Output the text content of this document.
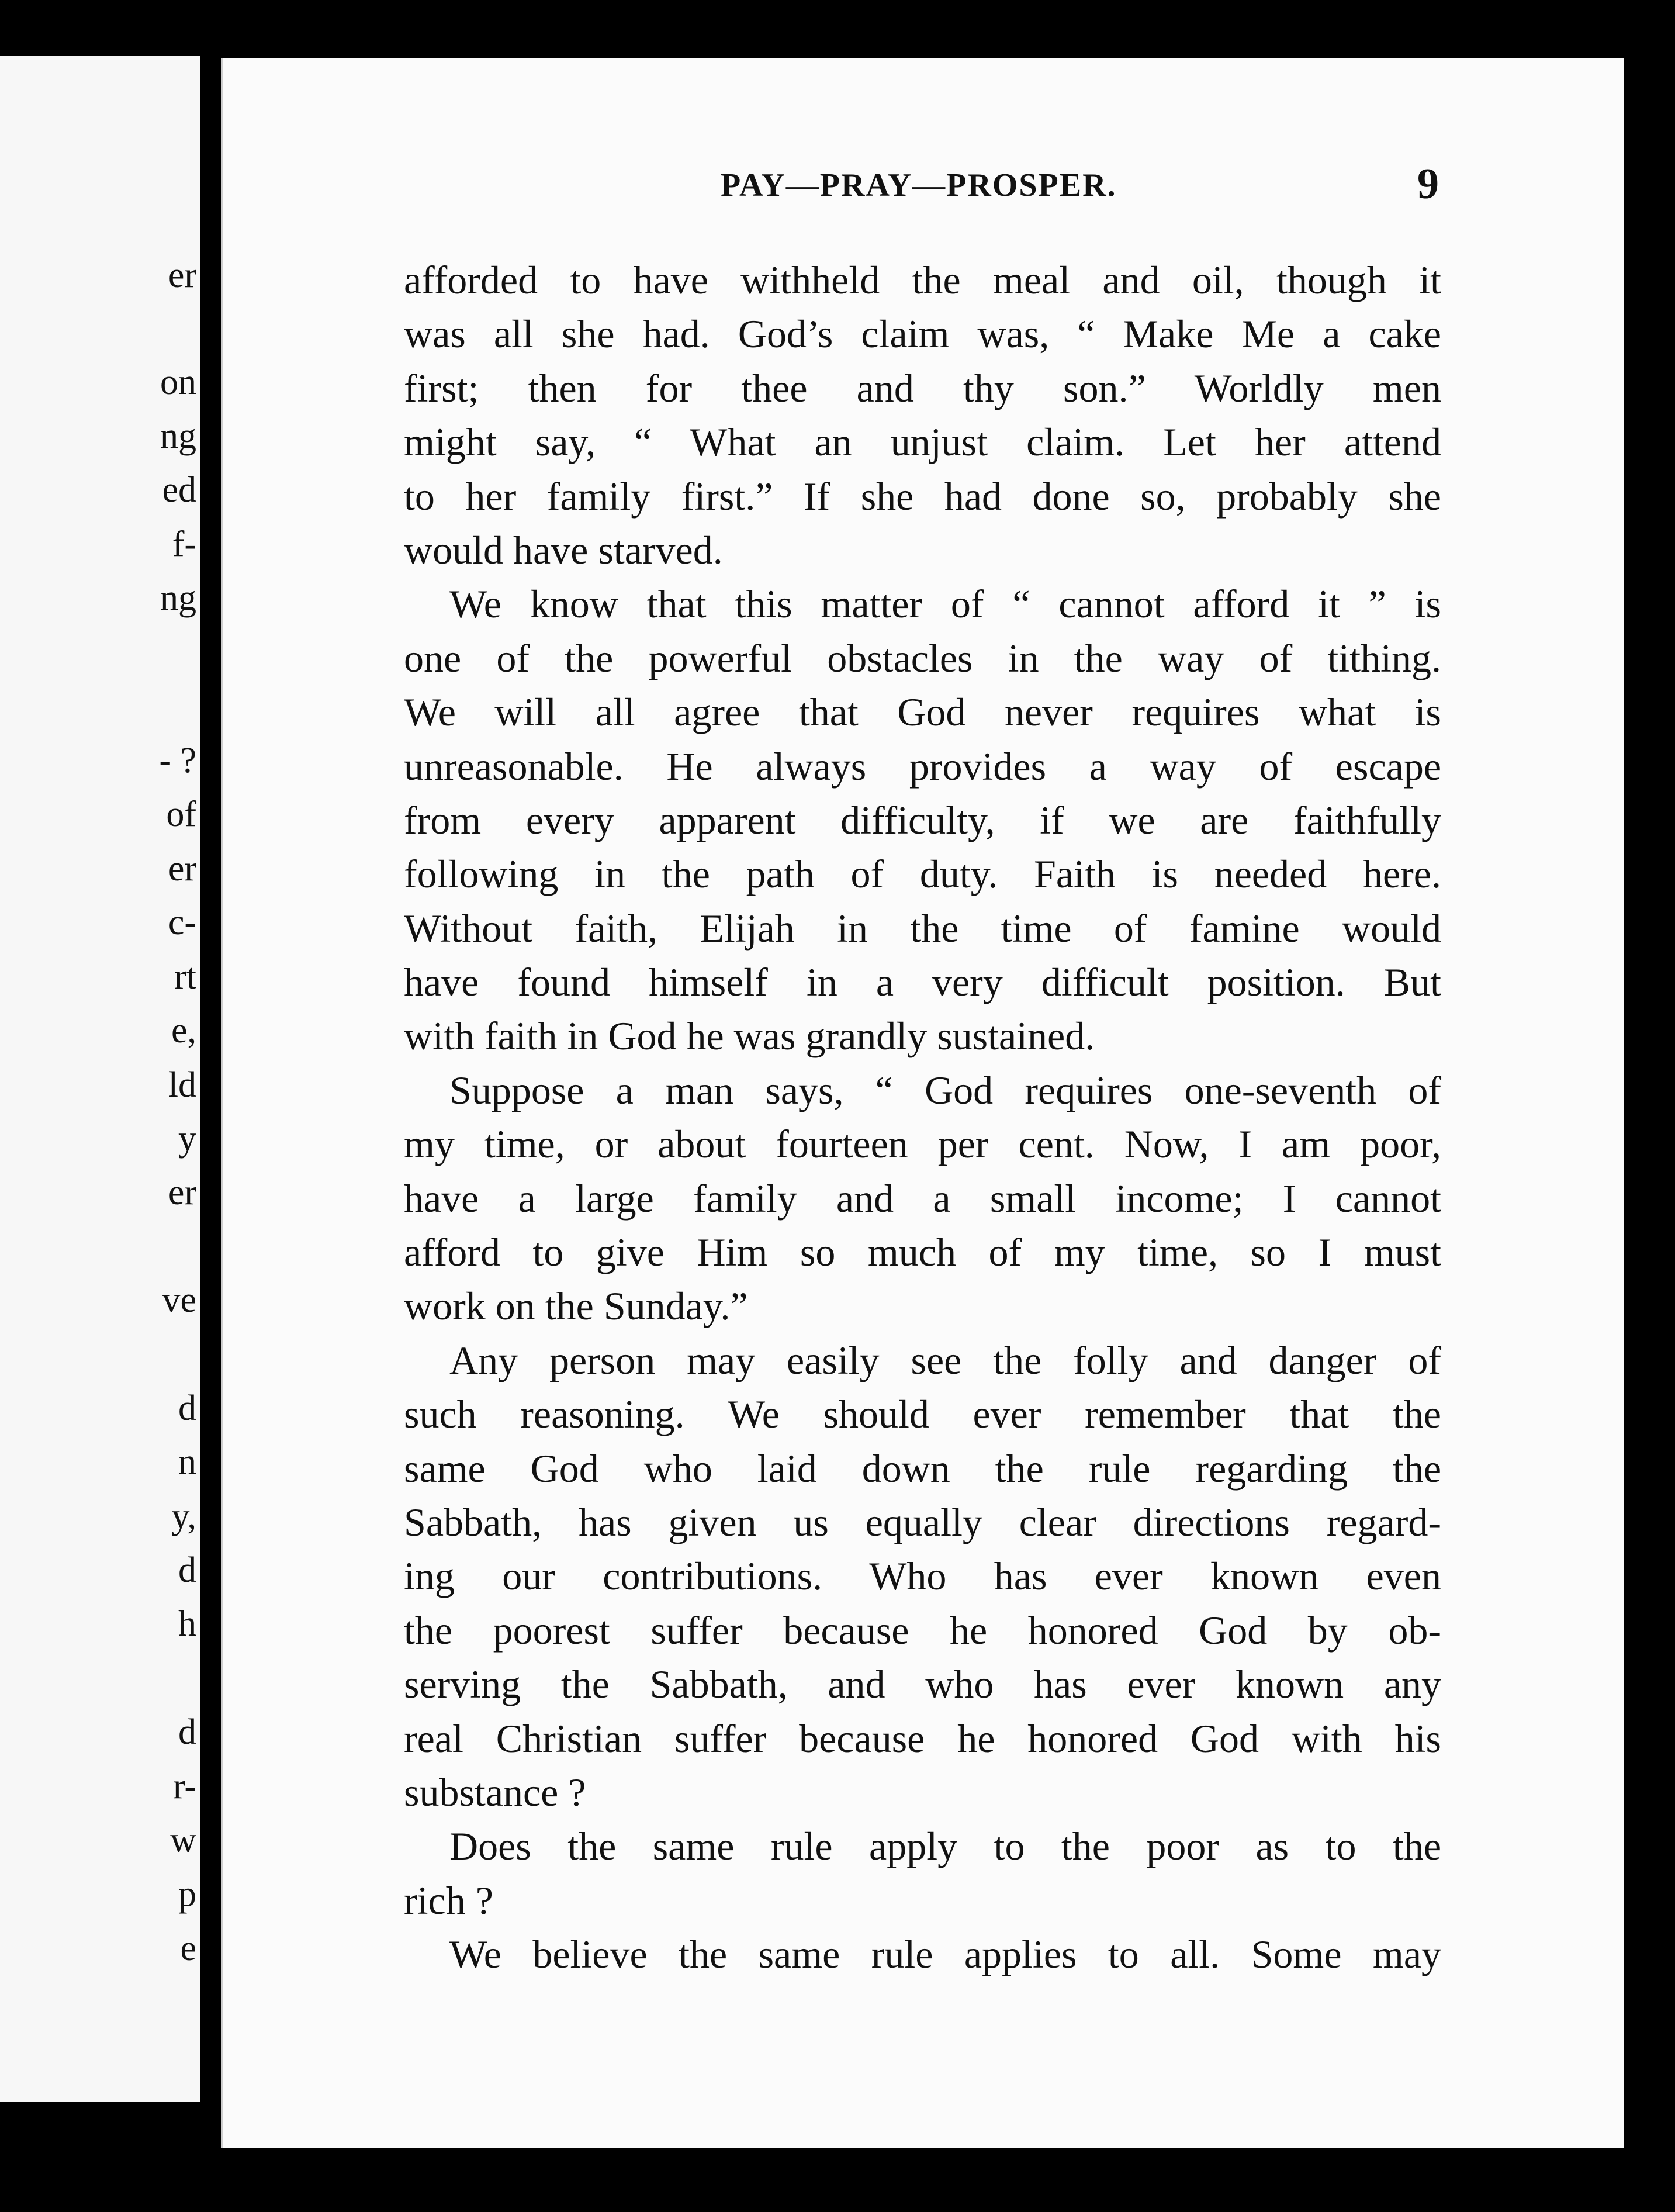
er
on
ng
ed
f-
ng
- ?
of
er
c-
rt
e,
ld
y
er
ve
d
n
y,
d
h
d
r-
w
p
e
PAY—PRAY—PROSPER.	9
afforded to have withheld the meal and oil, though it
was all she had. God’s claim was, “ Make Me a cake
first; then for thee and thy son.” Worldly men
might say, “ What an unjust claim. Let her attend
to her family first.” If she had done so, probably she
would have starved.
We know that this matter of “ cannot afford it ” is
one of the powerful obstacles in the way of tithing.
We will all agree that God never requires what is
unreasonable. He always provides a way of escape
from every apparent difficulty, if we are faithfully
following in the path of duty. Faith is needed here.
Without faith, Elijah in the time of famine would
have found himself in a very difficult position. But
with faith in God he was grandly sustained.
Suppose a man says, “ God requires one-seventh of
my time, or about fourteen per cent. Now, I am poor,
have a large family and a small income; I cannot
afford to give Him so much of my time, so I must
work on the Sunday.”
Any person may easily see the folly and danger of
such reasoning. We should ever remember that the
same God who laid down the rule regarding the
Sabbath, has given us equally clear directions regard-
ing our contributions. Who has ever known even
the poorest suffer because he honored God by ob-
serving the Sabbath, and who has ever known any
real Christian suffer because he honored God with his
substance ?
Does the same rule apply to the poor as to the
rich ?
We believe the same rule applies to all. Some may
